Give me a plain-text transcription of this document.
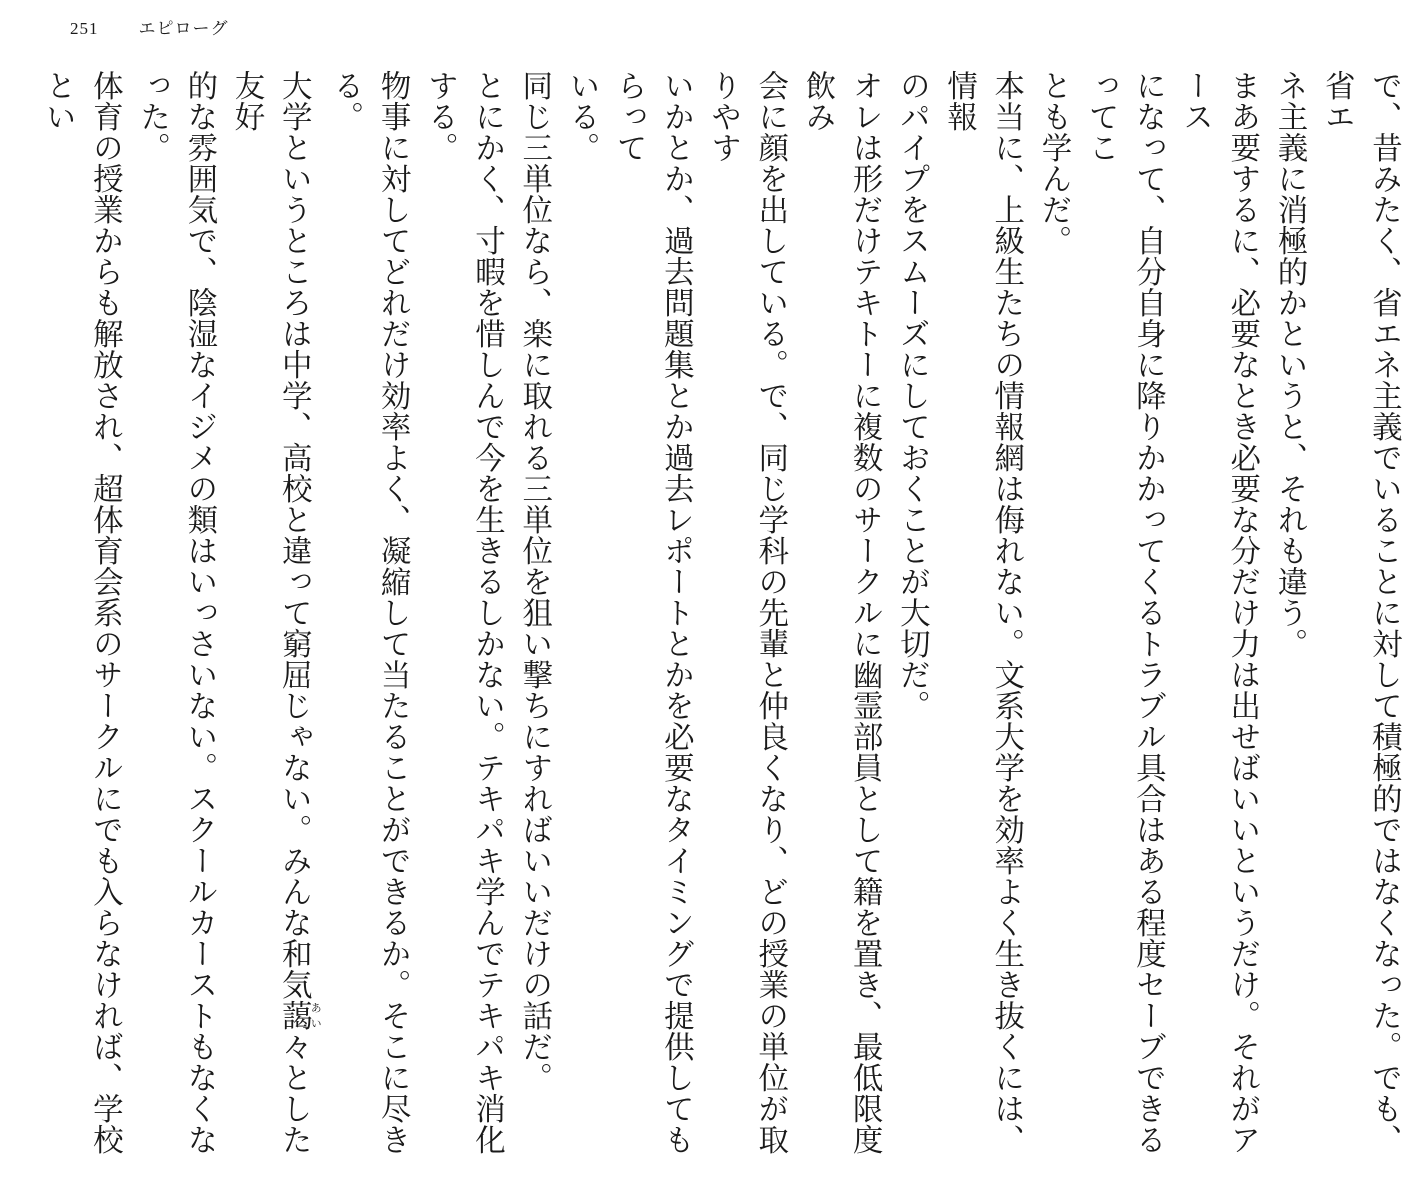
251 エピローグ
で、昔みたく、省エネ主義でいることに対して積極的ではなくなった。でも、省エ
ネ主義に消極的かというと、それも違う。
まあ要するに、必要なとき必要な分だけ力は出せばいいというだけ。それがアース
になって、自分自身に降りかかってくるトラブル具合はある程度セーブできるってこ
とも学んだ。
本当に、上級生たちの情報網は侮れない。文系大学を効率よく生き抜くには、情報
のパイプをスムーズにしておくことが大切だ。
オレは形だけテキトーに複数のサークルに幽霊部員として籍を置き、最低限度飲み
会に顔を出している。で、同じ学科の先輩と仲良くなり、どの授業の単位が取りやす
いかとか、過去問題集とか過去レポートとかを必要なタイミングで提供してもらって
いる。
同じ三単位なら、楽に取れる三単位を狙い撃ちにすればいいだけの話だ。
とにかく、寸暇を惜しんで今を生きるしかない。テキパキ学んでテキパキ消化する。
物事に対してどれだけ効率よく、凝縮して当たることができるか。そこに尽きる。
大学というところは中学、高校と違って窮屈じゃない。みんな和気藹あい々とした友好
的な雰囲気で、陰湿なイジメの類はいっさいない。スクールカーストもなくなった。
体育の授業からも解放され、超体育会系のサークルにでも入らなければ、学校とい
